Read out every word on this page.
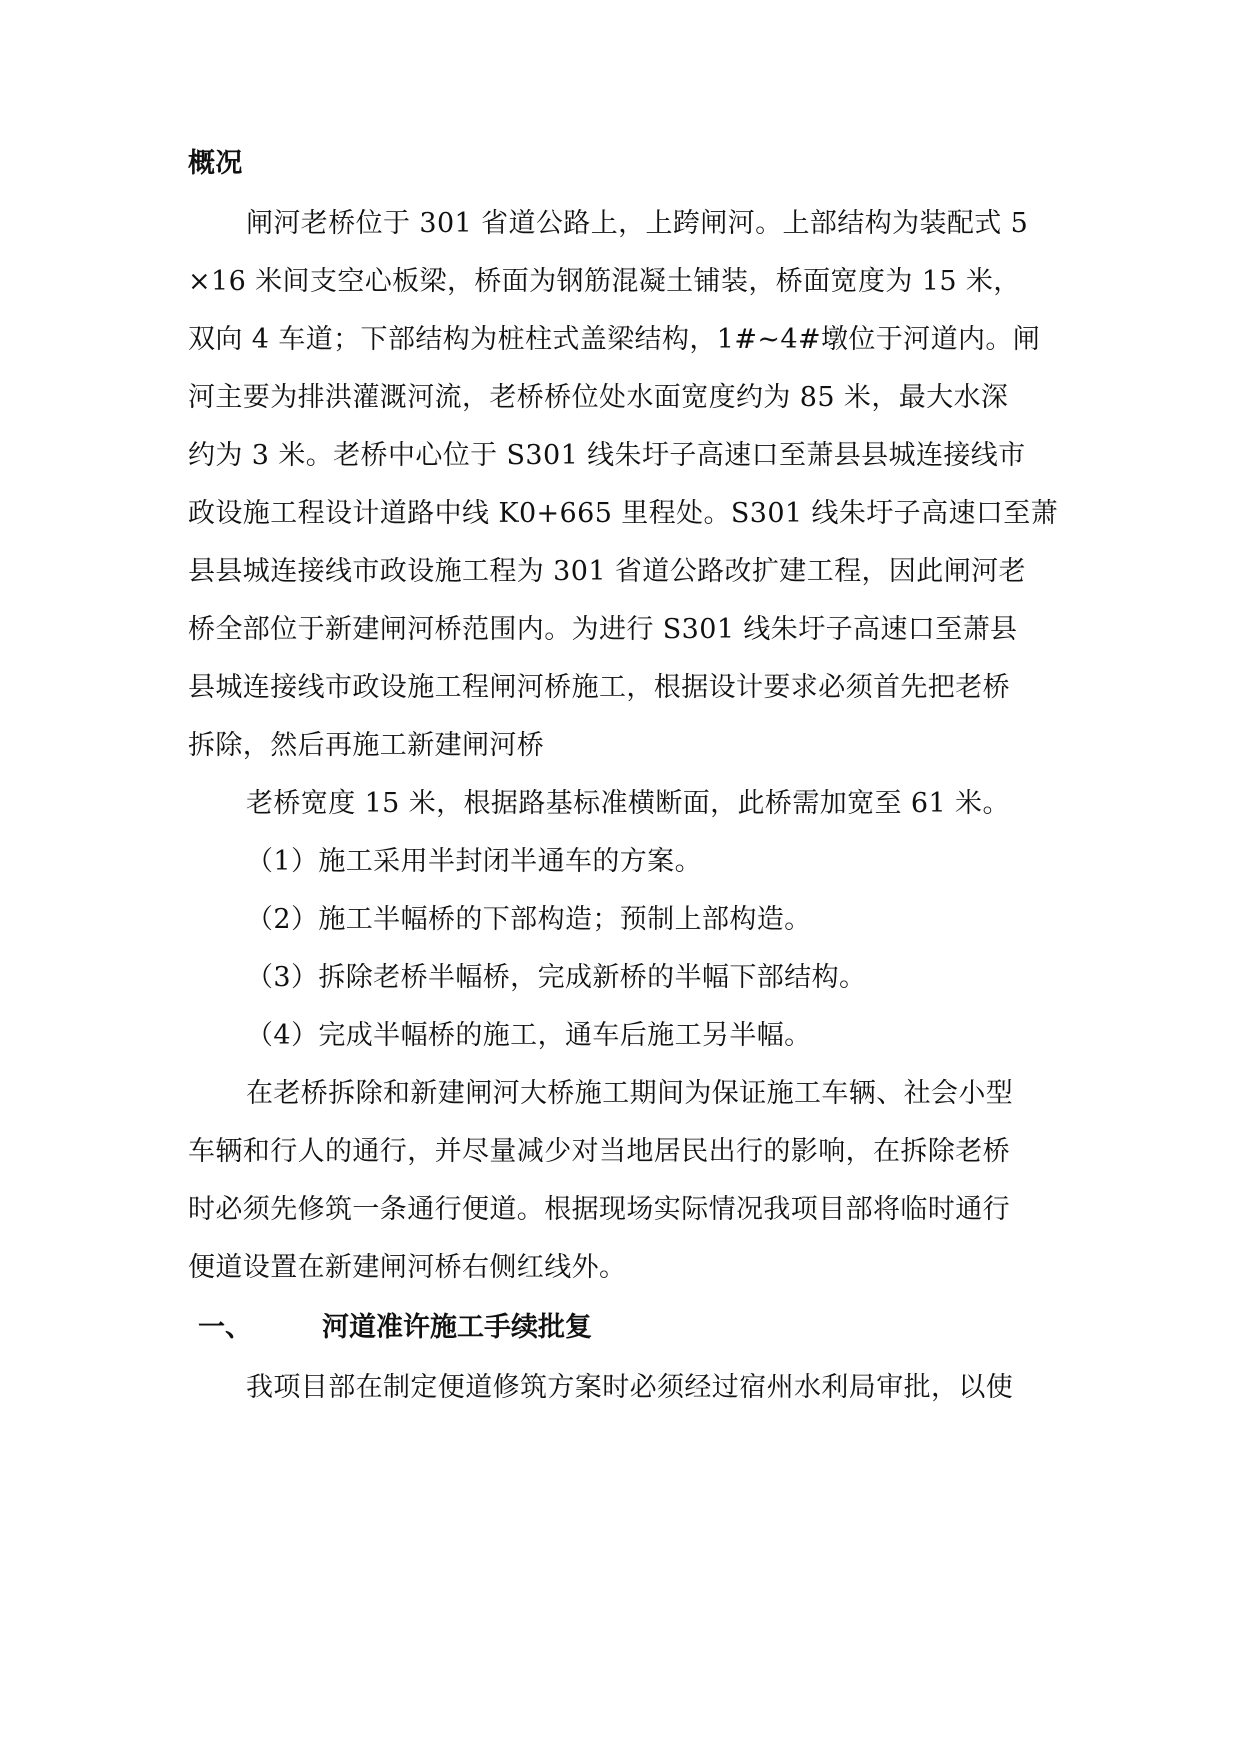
概况
闸河老桥位于 301 省道公路上，上跨闸河。上部结构为装配式 5
×16 米间支空心板梁，桥面为钢筋混凝土铺装，桥面宽度为 15 米，
双向 4 车道；下部结构为桩柱式盖梁结构，1#~4#墩位于河道内。闸
河主要为排洪灌溉河流，老桥桥位处水面宽度约为 85 米，最大水深
约为 3 米。老桥中心位于 S301 线朱圩子高速口至萧县县城连接线市
政设施工程设计道路中线 K0+665 里程处。S301 线朱圩子高速口至萧
县县城连接线市政设施工程为 301 省道公路改扩建工程，因此闸河老
桥全部位于新建闸河桥范围内。为进行 S301 线朱圩子高速口至萧县
县城连接线市政设施工程闸河桥施工，根据设计要求必须首先把老桥
拆除，然后再施工新建闸河桥
老桥宽度 15 米，根据路基标准横断面，此桥需加宽至 61 米。
（1）施工采用半封闭半通车的方案。
（2）施工半幅桥的下部构造；预制上部构造。
（3）拆除老桥半幅桥，完成新桥的半幅下部结构。
（4）完成半幅桥的施工，通车后施工另半幅。
在老桥拆除和新建闸河大桥施工期间为保证施工车辆、社会小型
车辆和行人的通行，并尽量减少对当地居民出行的影响，在拆除老桥
时必须先修筑一条通行便道。根据现场实际情况我项目部将临时通行
便道设置在新建闸河桥右侧红线外。
一、	河道准许施工手续批复
我项目部在制定便道修筑方案时必须经过宿州水利局审批，以使
